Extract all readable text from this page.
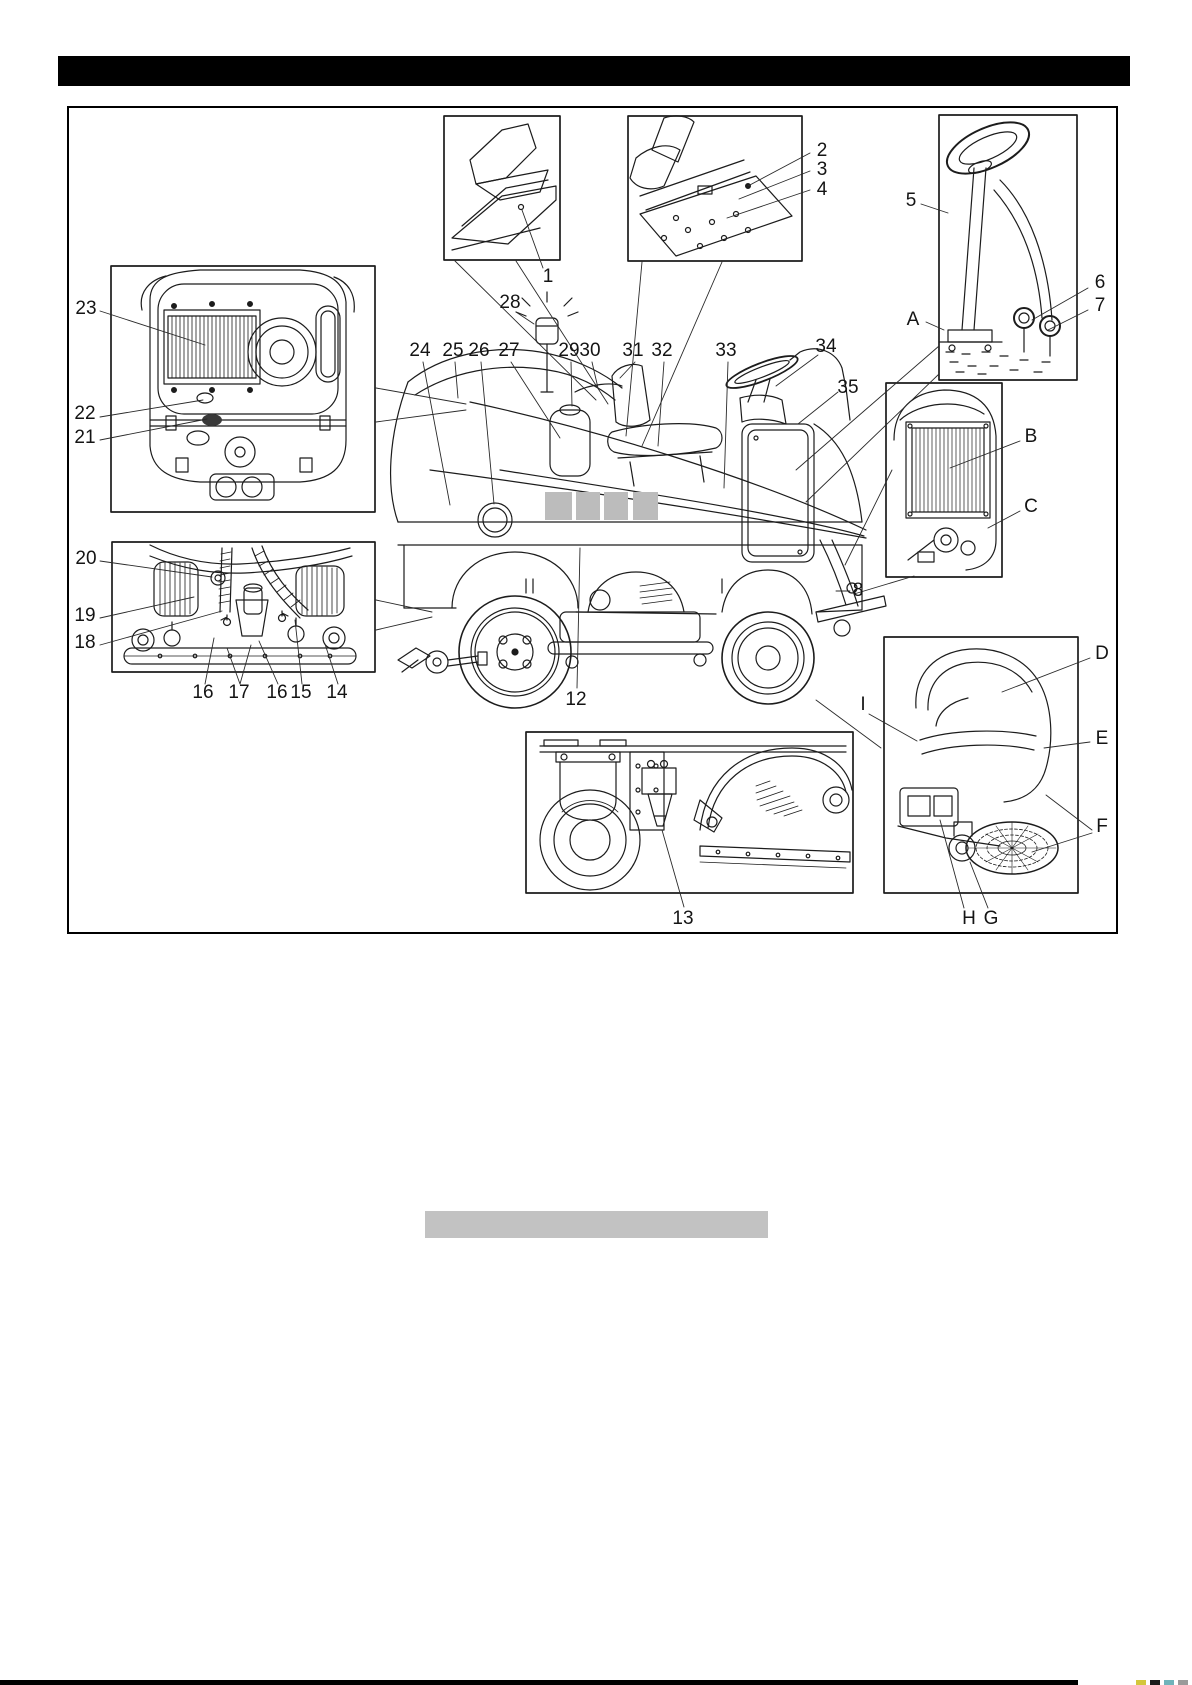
1
2
3
4
5
6
7
A
23
22
21
24 25 26 27
28
29 30 31 32 33	34
35
B
C
8
20
19
18
16 17 16 15 14	12
D
E
F
I
13	H G
